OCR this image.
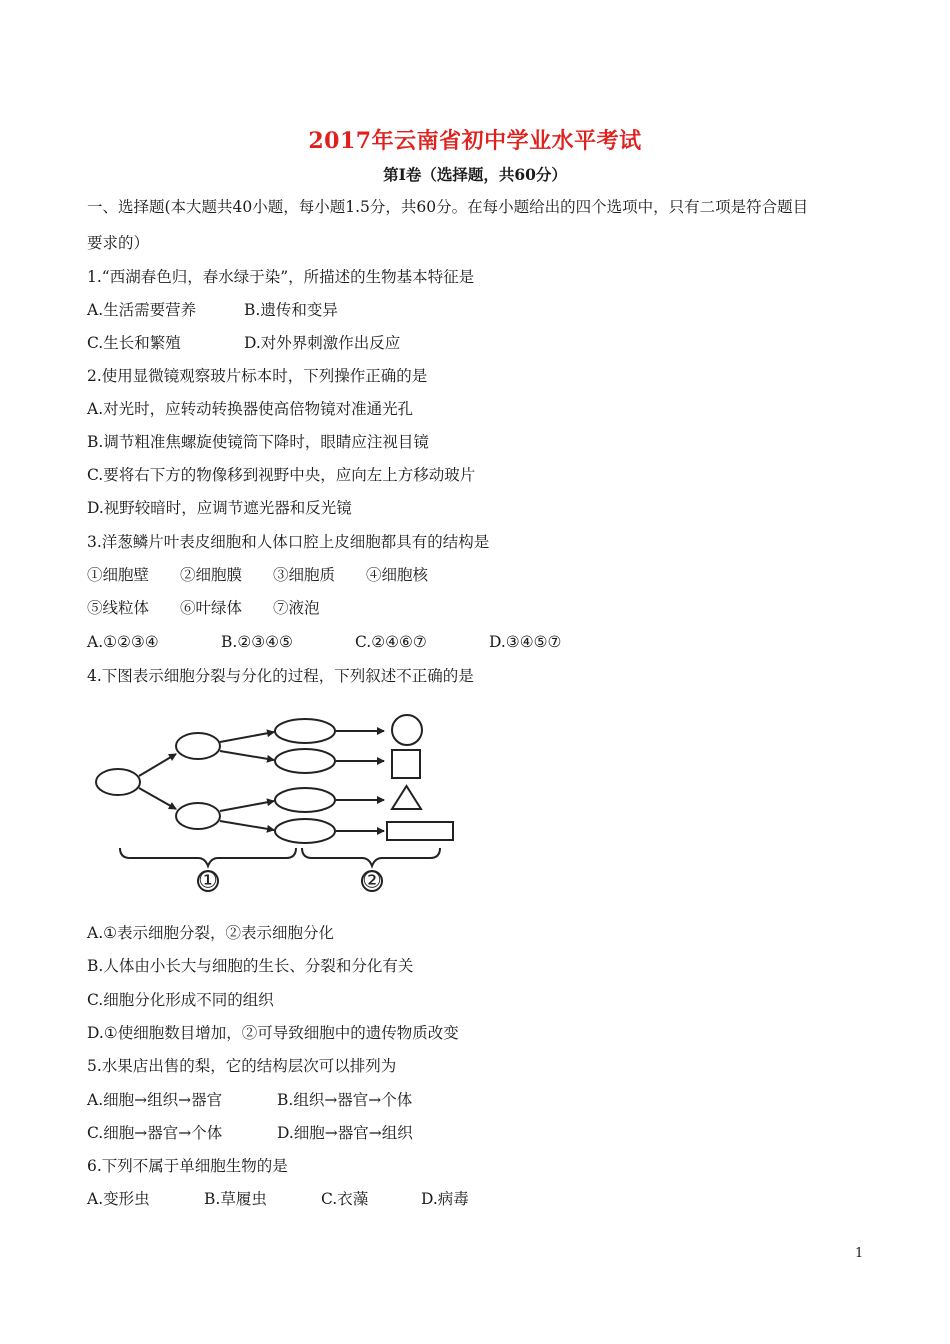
2017年云南省初中学业水平考试
第Ⅰ卷（选择题，共60分）
一、选择题(本大题共40小题，每小题1.5分，共60分。在每小题给出的四个选项中，只有二项是符合题目
要求的）
1.“西湖春色归，春水绿于染”，所描述的生物基本特征是
A.生活需要营养	B.遗传和变异
C.生长和繁殖	D.对外界刺激作出反应
2.使用显微镜观察玻片标本时，下列操作正确的是
A.对光时，应转动转换器使高倍物镜对准通光孔
B.调节粗准焦螺旋使镜筒下降时，眼睛应注视目镜
C.要将右下方的物像移到视野中央，应向左上方移动玻片
D.视野较暗时，应调节遮光器和反光镜
3.洋葱鳞片叶表皮细胞和人体口腔上皮细胞都具有的结构是
①细胞壁 ②细胞膜 ③细胞质 ④细胞核
⑤线粒体 ⑥叶绿体 ⑦液泡
A.①②③④	B.②③④⑤	C.②④⑥⑦	D.③④⑤⑦
4.下图表示细胞分裂与分化的过程，下列叙述不正确的是
①	②
A.①表示细胞分裂，②表示细胞分化
B.人体由小长大与细胞的生长、分裂和分化有关
C.细胞分化形成不同的组织
D.①使细胞数目增加，②可导致细胞中的遗传物质改变
5.水果店出售的梨，它的结构层次可以排列为
A.细胞→组织→器官	B.组织→器官→个体
C.细胞→器官→个体	D.细胞→器官→组织
6.下列不属于单细胞生物的是
A.变形虫	B.草履虫	C.衣藻	D.病毒
1
